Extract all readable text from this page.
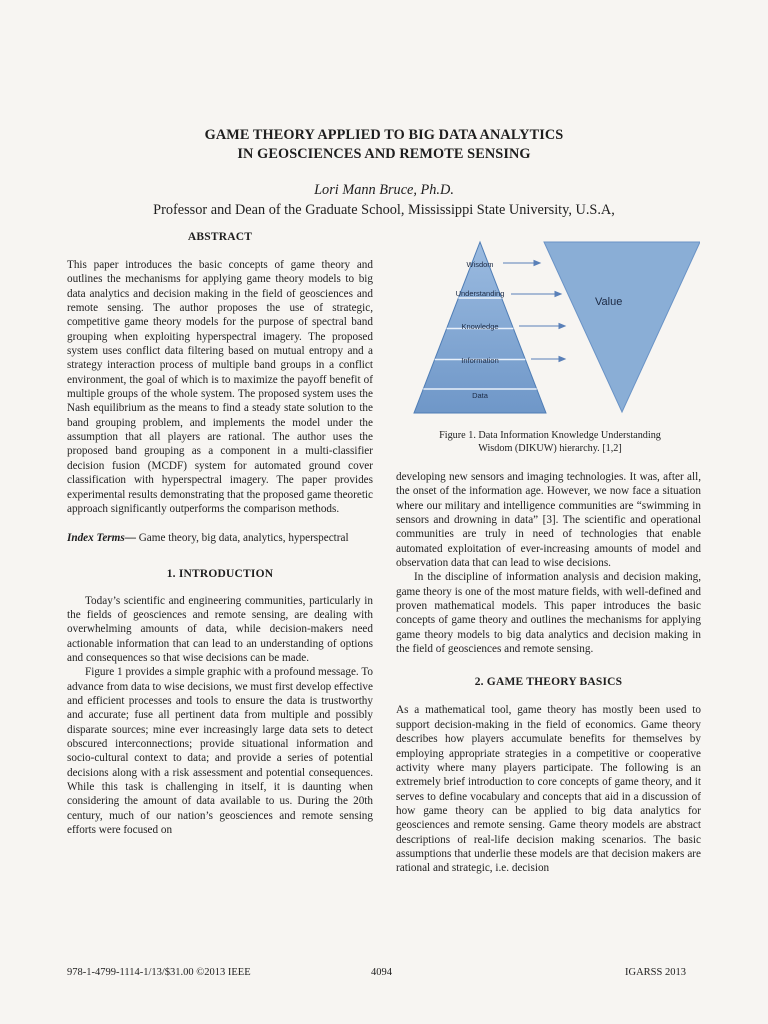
GAME THEORY APPLIED TO BIG DATA ANALYTICS
IN GEOSCIENCES AND REMOTE SENSING
Lori Mann Bruce, Ph.D.
Professor and Dean of the Graduate School, Mississippi State University, U.S.A,
ABSTRACT

This paper introduces the basic concepts of game theory and outlines the mechanisms for applying game theory models to big data analytics and decision making in the field of geosciences and remote sensing. The author proposes the use of strategic, competitive game theory models for the purpose of spectral band grouping when exploiting hyperspectral imagery. The proposed system uses conflict data filtering based on mutual entropy and a strategy interaction process of multiple band groups in a conflict environment, the goal of which is to maximize the payoff benefit of multiple groups of the whole system. The proposed system uses the Nash equilibrium as the means to find a steady state solution to the band grouping problem, and implements the model under the assumption that all players are rational. The author uses the proposed band grouping as a component in a multi-classifier decision fusion (MCDF) system for automated ground cover classification with hyperspectral imagery. The paper provides experimental results demonstrating that the proposed game theoretic approach significantly outperforms the comparison methods.

Index Terms— Game theory, big data, analytics, hyperspectral

1. INTRODUCTION

Today’s scientific and engineering communities, particularly in the fields of geosciences and remote sensing, are dealing with overwhelming amounts of data, while decision-makers need actionable information that can lead to an understanding of options and consequences so that wise decisions can be made.

Figure 1 provides a simple graphic with a profound message. To advance from data to wise decisions, we must first develop effective and efficient processes and tools to ensure the data is trustworthy and accurate; fuse all pertinent data from multiple and possibly disparate sources; mine ever increasingly large data sets to detect obscured interconnections; provide situational information and socio-cultural context to data; and provide a series of potential decisions along with a risk assessment and potential consequences. While this task is challenging in itself, it is daunting when considering the amount of data available to us. During the 20th century, much of our nation’s geosciences and remote sensing efforts were focused on

Wisdom
Understanding
Knowledge
Information
Data
Value
Figure 1. Data Information Knowledge Understanding
Wisdom (DIKUW) hierarchy. [1,2]

developing new sensors and imaging technologies. It was, after all, the onset of the information age. However, we now face a situation where our military and intelligence communities are “swimming in sensors and drowning in data” [3]. The scientific and operational communities are truly in need of technologies that enable automated exploitation of ever-increasing amounts of model and observation data that can lead to wise decisions.

In the discipline of information analysis and decision making, game theory is one of the most mature fields, with well-defined and proven mathematical models. This paper introduces the basic concepts of game theory and outlines the mechanisms for applying game theory models to big data analytics and decision making in the field of geosciences and remote sensing.

2. GAME THEORY BASICS

As a mathematical tool, game theory has mostly been used to support decision-making in the field of economics. Game theory describes how players accumulate benefits for themselves by employing appropriate strategies in a competitive or cooperative activity where many players participate. The following is an extremely brief introduction to core concepts of game theory, and it serves to define vocabulary and concepts that aid in a discussion of how game theory can be applied to big data analytics for geosciences and remote sensing. Game theory models are abstract descriptions of real-life decision making scenarios. The basic assumptions that underlie these models are that decision makers are rational and strategic, i.e. decision

978-1-4799-1114-1/13/$31.00 ©2013 IEEE	4094	IGARSS 2013
